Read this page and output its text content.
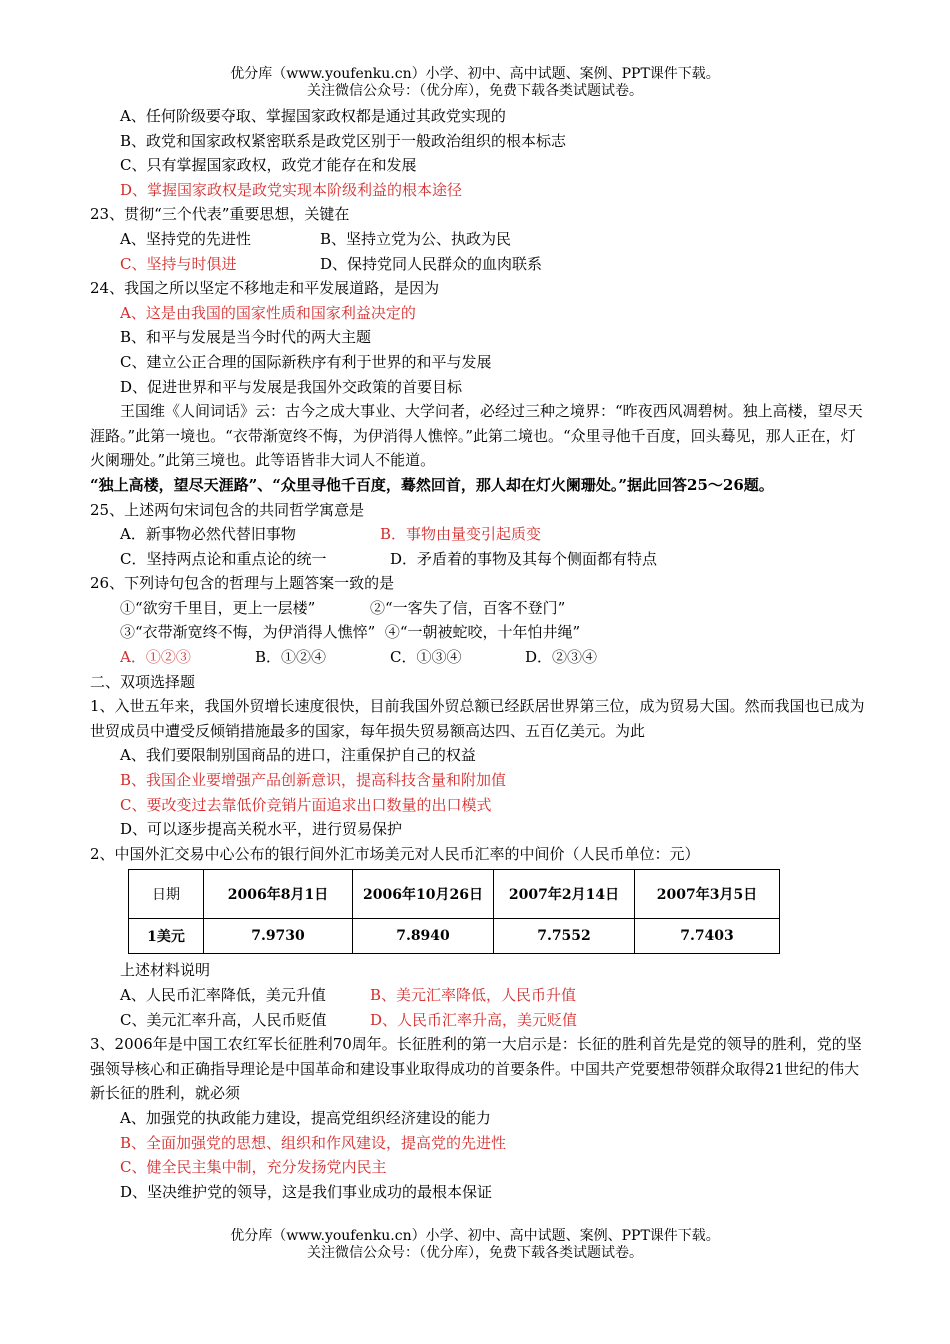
优分库（www.youfenku.cn）小学、初中、高中试题、案例、PPT课件下载。
关注微信公众号：（优分库），免费下载各类试题试卷。
A、任何阶级要夺取、掌握国家政权都是通过其政党实现的
B、政党和国家政权紧密联系是政党区别于一般政治组织的根本标志
C、只有掌握国家政权，政党才能存在和发展
D、掌握国家政权是政党实现本阶级利益的根本途径
23、贯彻“三个代表”重要思想，关键在
A、坚持党的先进性	B、坚持立党为公、执政为民
C、坚持与时俱进	D、保持党同人民群众的血肉联系
24、我国之所以坚定不移地走和平发展道路，是因为
A、这是由我国的国家性质和国家利益决定的
B、和平与发展是当今时代的两大主题
C、建立公正合理的国际新秩序有利于世界的和平与发展
D、促进世界和平与发展是我国外交政策的首要目标
王国维《人间词话》云：古今之成大事业、大学问者，必经过三种之境界：“昨夜西风凋碧树。独上高楼，望尽天涯路。”此第一境也。“衣带渐宽终不悔，为伊消得人憔悴。”此第二境也。“众里寻他千百度，回头蓦见，那人正在，灯火阑珊处。”此第三境也。此等语皆非大词人不能道。
“独上高楼，望尽天涯路”、“众里寻他千百度，蓦然回首，那人却在灯火阑珊处。”据此回答25～26题。
25、上述两句宋词包含的共同哲学寓意是
A．新事物必然代替旧事物	B．事物由量变引起质变
C．坚持两点论和重点论的统一	D．矛盾着的事物及其每个侧面都有特点
26、下列诗句包含的哲理与上题答案一致的是
①“欲穷千里目，更上一层楼”	②“一客失了信，百客不登门”
③“衣带渐宽终不悔，为伊消得人憔悴” ④“一朝被蛇咬，十年怕井绳”
A．①②③	B．①②④	C．①③④	D．②③④
二、双项选择题
1、入世五年来，我国外贸增长速度很快，目前我国外贸总额已经跃居世界第三位，成为贸易大国。然而我国也已成为世贸成员中遭受反倾销措施最多的国家，每年损失贸易额高达四、五百亿美元。为此
A、我们要限制别国商品的进口，注重保护自己的权益
B、我国企业要增强产品创新意识，提高科技含量和附加值
C、要改变过去靠低价竞销片面追求出口数量的出口模式
D、可以逐步提高关税水平，进行贸易保护
2、中国外汇交易中心公布的银行间外汇市场美元对人民币汇率的中间价（人民币单位：元）
日期	2006年8月1日	2006年10月26日	2007年2月14日	2007年3月5日
1美元	7.9730	7.8940	7.7552	7.7403
上述材料说明
A、人民币汇率降低，美元升值	B、美元汇率降低，人民币升值
C、美元汇率升高，人民币贬值	D、人民币汇率升高，美元贬值
3、2006年是中国工农红军长征胜利70周年。长征胜利的第一大启示是：长征的胜利首先是党的领导的胜利，党的坚强领导核心和正确指导理论是中国革命和建设事业取得成功的首要条件。中国共产党要想带领群众取得21世纪的伟大新长征的胜利，就必须
A、加强党的执政能力建设，提高党组织经济建设的能力
B、全面加强党的思想、组织和作风建设，提高党的先进性
C、健全民主集中制，充分发扬党内民主
D、坚决维护党的领导，这是我们事业成功的最根本保证
优分库（www.youfenku.cn）小学、初中、高中试题、案例、PPT课件下载。
关注微信公众号：（优分库），免费下载各类试题试卷。
